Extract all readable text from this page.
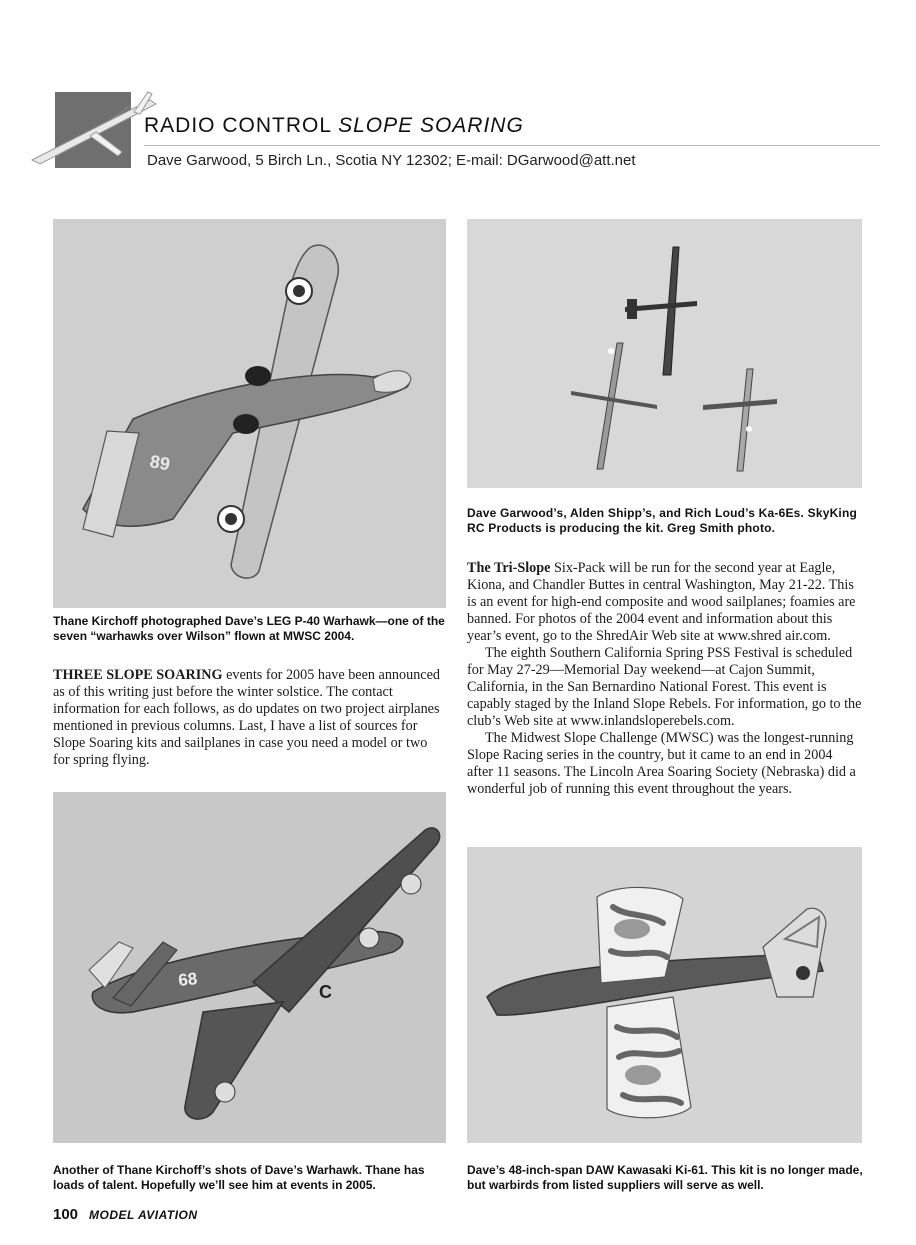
RADIO CONTROL SLOPE SOARING
Dave Garwood, 5 Birch Ln., Scotia NY 12302; E-mail: DGarwood@att.net
89
Thane Kirchoff photographed Dave’s LEG P-40 Warhawk—one of the seven “warhawks over Wilson” flown at MWSC 2004.
Dave Garwood’s, Alden Shipp’s, and Rich Loud’s Ka-6Es. SkyKing RC Products is producing the kit. Greg Smith photo.

THREE SLOPE SOARING events for 2005 have been announced as of this writing just before the winter solstice. The contact information for each follows, as do updates on two project airplanes mentioned in previous columns. Last, I have a list of sources for Slope Soaring kits and sailplanes in case you need a model or two for spring flying.

The Tri-Slope Six-Pack will be run for the second year at Eagle, Kiona, and Chandler Buttes in central Washington, May 21-22. This is an event for high-end composite and wood sailplanes; foamies are banned. For photos of the 2004 event and information about this year’s event, go to the ShredAir Web site at www.shred air.com.

The eighth Southern California Spring PSS Festival is scheduled for May 27-29—Memorial Day weekend—at Cajon Summit, California, in the San Bernardino National Forest. This event is capably staged by the Inland Slope Rebels. For information, go to the club’s Web site at www.inlandsloperebels.com.

The Midwest Slope Challenge (MWSC) was the longest-running Slope Racing series in the country, but it came to an end in 2004 after 11 seasons. The Lincoln Area Soaring Society (Nebraska) did a wonderful job of running this event throughout the years.

68
C
Another of Thane Kirchoff’s shots of Dave’s Warhawk. Thane has loads of talent. Hopefully we’ll see him at events in 2005.
Dave’s 48-inch-span DAW Kawasaki Ki-61. This kit is no longer made, but warbirds from listed suppliers will serve as well.
100 MODEL AVIATION
